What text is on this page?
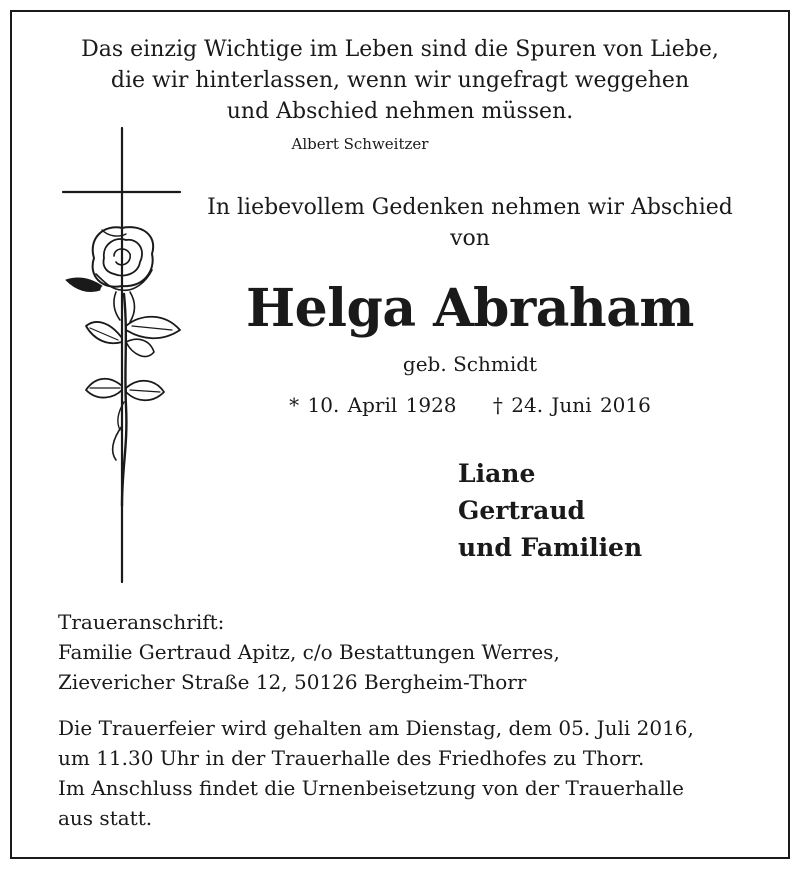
Das einzig Wichtige im Leben sind die Spuren von Liebe,
die wir hinterlassen, wenn wir ungefragt weggehen
und Abschied nehmen müssen.
Albert Schweitzer
In liebevollem Gedenken nehmen wir Abschied
von
Helga Abraham
geb. Schmidt
* 10. April 1928 † 24. Juni 2016
Liane
Gertraud
und Familien
Traueranschrift:
Familie Gertraud Apitz, c/o Bestattungen Werres,
Zievericher Straße 12, 50126 Bergheim-Thorr
Die Trauerfeier wird gehalten am Dienstag, dem 05. Juli 2016,
um 11.30 Uhr in der Trauerhalle des Friedhofes zu Thorr.
Im Anschluss findet die Urnenbeisetzung von der Trauerhalle
aus statt.
